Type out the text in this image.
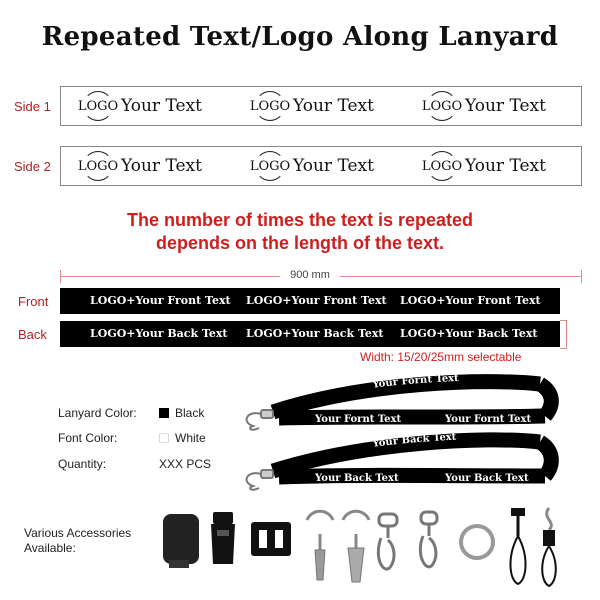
Repeated Text/Logo Along Lanyard
Side 1 LOGO Your Text	LOGO Your Text	LOGO Your Text
Side 2 LOGO Your Text	LOGO Your Text	LOGO Your Text
The number of times the text is repeated
depends on the length of the text.
900 mm
Front	LOGO+Your Front Text LOGO+Your Front Text LOGO+Your Front Text
Back	LOGO+Your Back Text LOGO+Your Back Text LOGO+Your Back Text
Width: 15/20/25mm selectable
Lanyard Color:	Black
Font Color:	White
Quantity:	XXX PCS
Your Fornt Text
Your Fornt Text	Your Fornt Text
Your Back Text
Your Back Text	Your Back Text
Various Accessories
Available:
